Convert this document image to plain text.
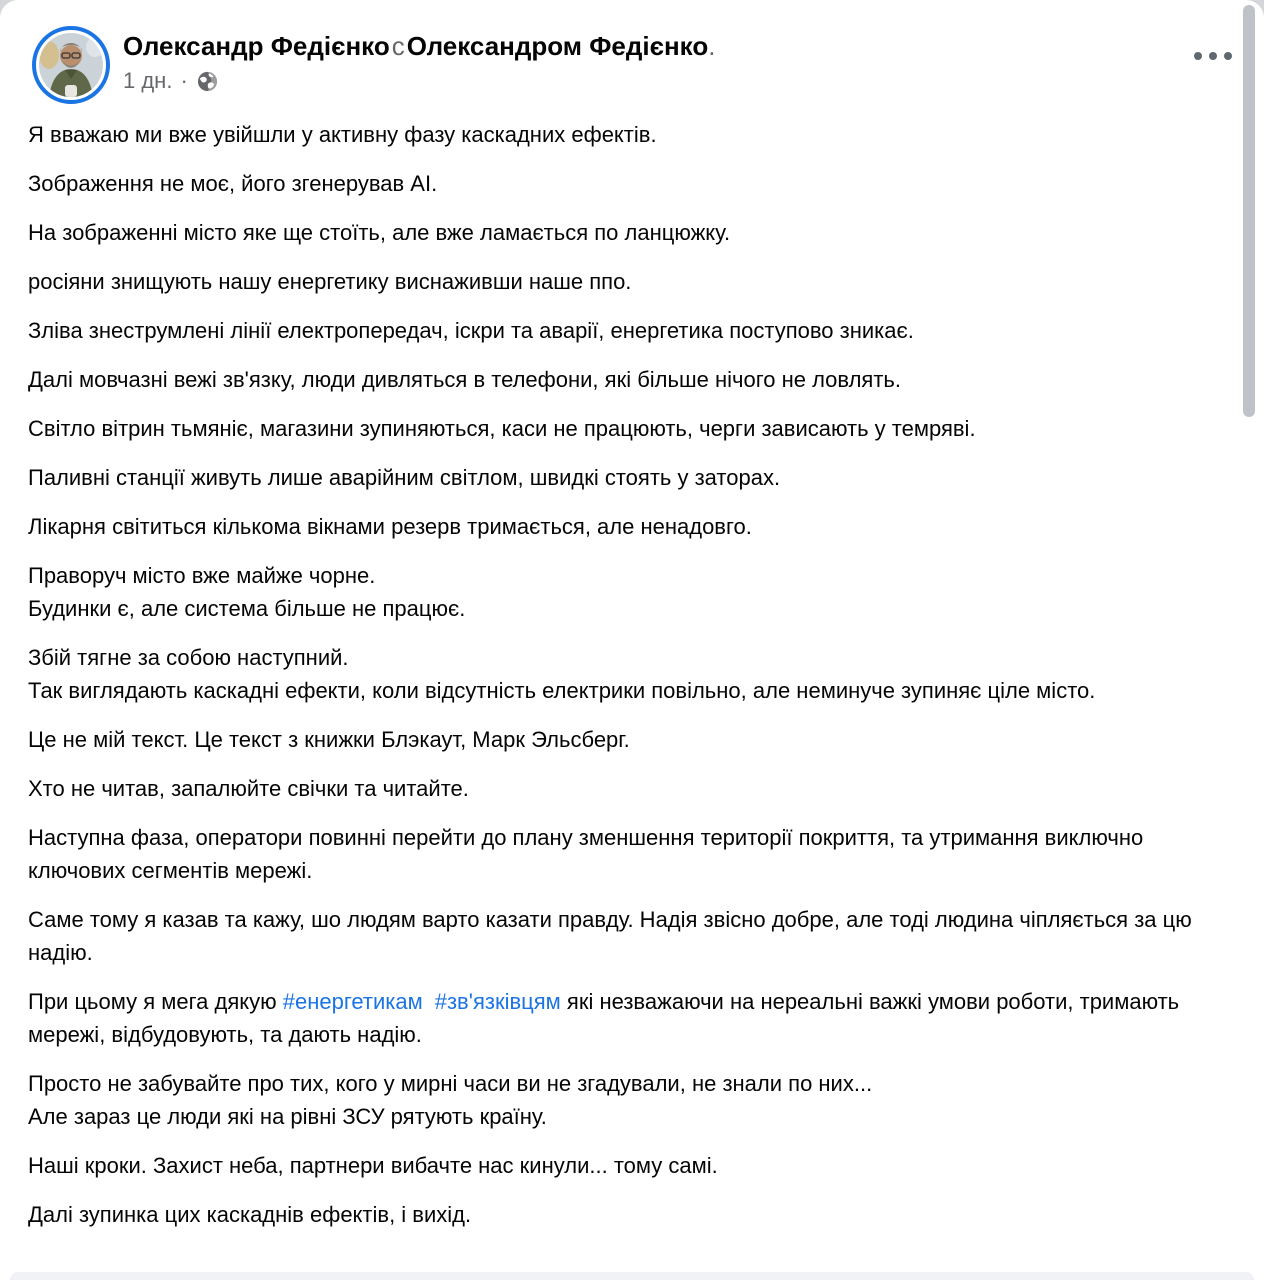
Олександр ФедієнкосОлександром Федієнко.
1 дн. ·

Я вважаю ми вже увійшли у активну фазу каскадних ефектів.

Зображення не моє, його згенерував AI.

На зображенні місто яке ще стоїть, але вже ламається по ланцюжку.

росіяни знищують нашу енергетику виснаживши наше ппо.

Зліва знеструмлені лінії електропередач, іскри та аварії, енергетика поступово зникає.

Далі мовчазні вежі зв'язку, люди дивляться в телефони, які більше нічого не ловлять.

Світло вітрин тьмяніє, магазини зупиняються, каси не працюють, черги зависають у темряві.

Паливні станції живуть лише аварійним світлом, швидкі стоять у заторах.

Лікарня світиться кількома вікнами резерв тримається, але ненадовго.

Праворуч місто вже майже чорне.
Будинки є, але система більше не працює.

Збій тягне за собою наступний.
Так виглядають каскадні ефекти, коли відсутність електрики повільно, але неминуче зупиняє ціле місто.

Це не мій текст. Це текст з книжки Блэкаут, Марк Эльсберг.

Хто не читав, запалюйте свічки та читайте.

Наступна фаза, оператори повинні перейти до плану зменшення території покриття, та утримання виключно ключових сегментів мережі.

Саме тому я казав та кажу, шо людям варто казати правду. Надія звісно добре, але тоді людина чіпляється за цю надію.

При цьому я мега дякую #енергетикам #зв'язківцям які незважаючи на нереальні важкі умови роботи, тримають мережі, відбудовують, та дають надію.

Просто не забувайте про тих, кого у мирні часи ви не згадували, не знали по них...
Але зараз це люди які на рівні ЗСУ рятують країну.

Наші кроки. Захист неба, партнери вибачте нас кинули... тому самі.

Далі зупинка цих каскаднів ефектів, і вихід.
